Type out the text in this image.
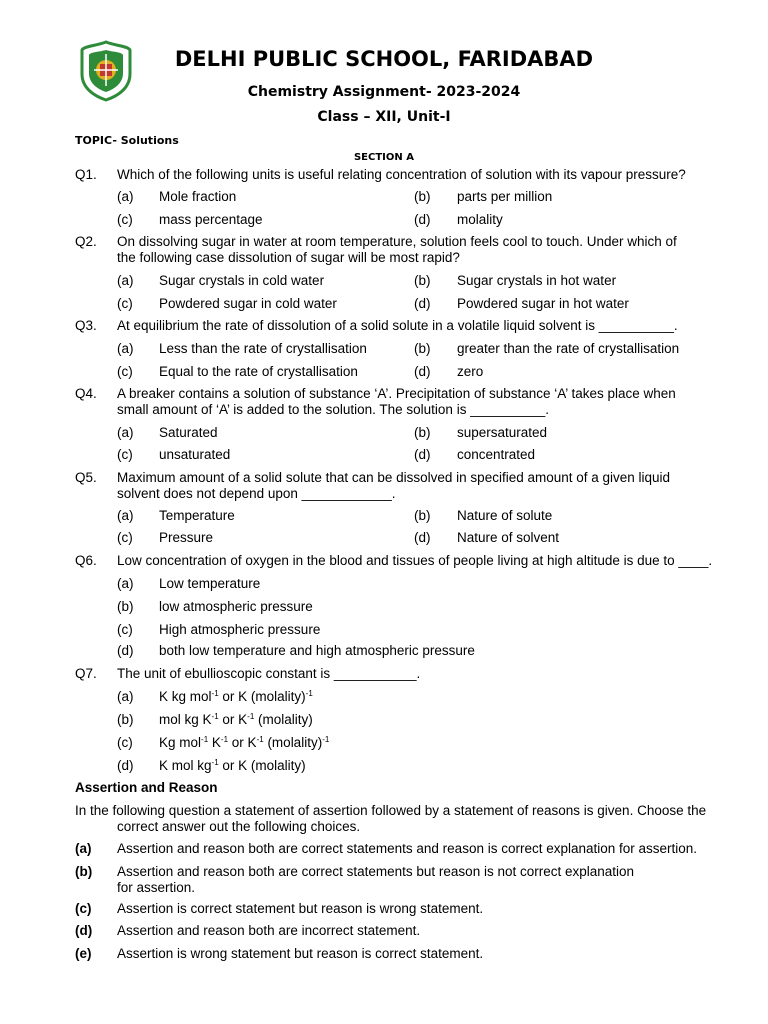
DELHI PUBLIC SCHOOL, FARIDABAD
Chemistry Assignment- 2023-2024
Class – XII, Unit-I
TOPIC- Solutions
SECTION A
Q1. Which of the following units is useful relating concentration of solution with its vapour pressure?
(a) Mole fraction	(b) parts per million
(c) mass percentage	(d) molality
Q2. On dissolving sugar in water at room temperature, solution feels cool to touch. Under which of the following case dissolution of sugar will be most rapid?
(a) Sugar crystals in cold water	(b) Sugar crystals in hot water
(c) Powdered sugar in cold water	(d) Powdered sugar in hot water
Q3. At equilibrium the rate of dissolution of a solid solute in a volatile liquid solvent is __________.
(a) Less than the rate of crystallisation	(b) greater than the rate of crystallisation
(c) Equal to the rate of crystallisation	(d) zero
Q4. A breaker contains a solution of substance ‘A’. Precipitation of substance ‘A’ takes place when small amount of ‘A’ is added to the solution. The solution is __________.
(a) Saturated	(b) supersaturated
(c) unsaturated	(d) concentrated
Q5. Maximum amount of a solid solute that can be dissolved in specified amount of a given liquid solvent does not depend upon ____________.
(a) Temperature	(b) Nature of solute
(c) Pressure	(d) Nature of solvent
Q6. Low concentration of oxygen in the blood and tissues of people living at high altitude is due to ____.
(a) Low temperature
(b) low atmospheric pressure
(c) High atmospheric pressure
(d) both low temperature and high atmospheric pressure
Q7. The unit of ebullioscopic constant is ___________.
(a) K kg mol$^{-1}$ or K (molality)$^{-1}$
(b) mol kg $K^{-1}$ or $K^{-1}$ (molality)
(c) Kg mol$^{-1}$ $K^{-1}$ or $K^{-1}$ (molality)$^{-1}$
(d) K mol $kg^{-1}$ or K (molality)
Assertion and Reason
In the following question a statement of assertion followed by a statement of reasons is given. Choose the correct answer out the following choices.
(a) Assertion and reason both are correct statements and reason is correct explanation for assertion.
(b) Assertion and reason both are correct statements but reason is not correct explanation for assertion.
(c) Assertion is correct statement but reason is wrong statement.
(d) Assertion and reason both are incorrect statement.
(e) Assertion is wrong statement but reason is correct statement.
